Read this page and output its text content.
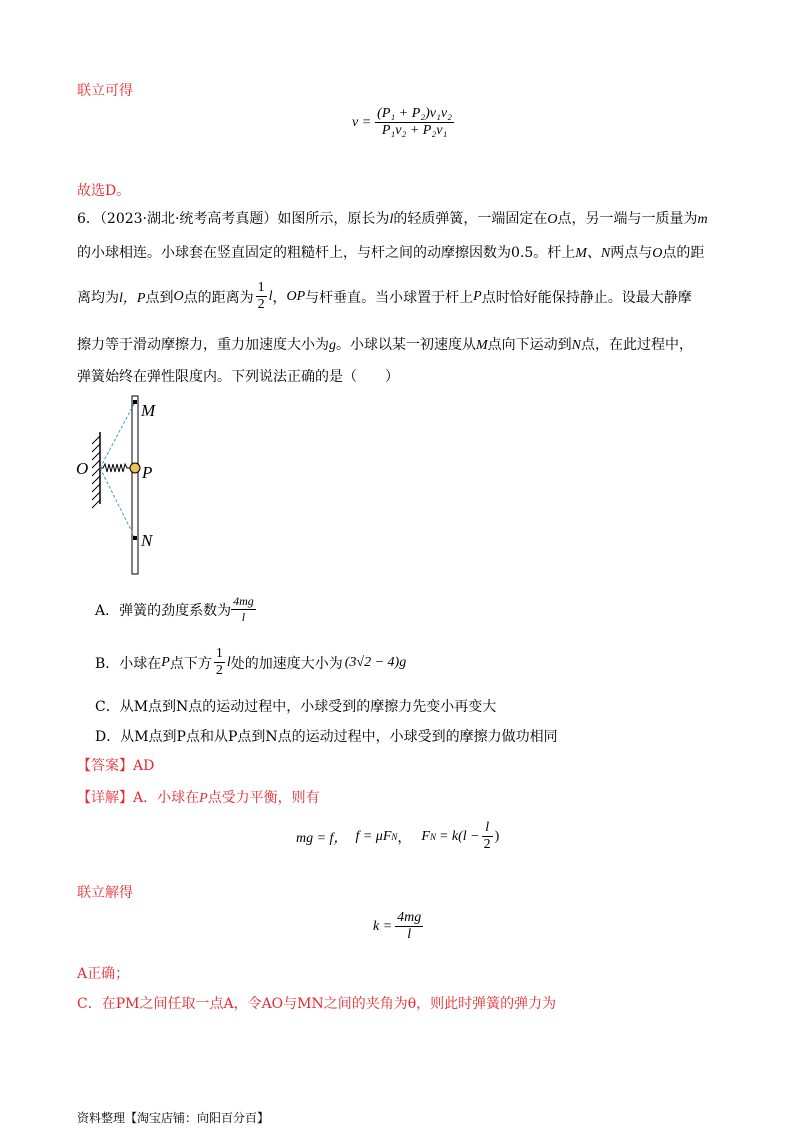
联立可得
$v = \frac{\text{(P₁ + P₂)v₁v₂}}{\text{P₁v₂ + P₂v₁}}$
故选D。
6．（2023·湖北·统考高考真题）如图所示，原长为l的轻质弹簧，一端固定在O点，另一端与一质量为m
的小球相连。小球套在竖直固定的粗糙杆上，与杆之间的动摩擦因数为0.5。杆上M、N两点与O点的距
离均为 l，P 点到 O 点的距离为 $\frac{1}{2}$ l ， OP 与杆垂直。当小球置于杆上 P 点时恰好能保持静止。设最大静摩
擦力等于滑动摩擦力，重力加速度大小为g。小球以某一初速度从M点向下运动到N点，在此过程中，
弹簧始终在弹性限度内。下列说法正确的是（　　）
M
O	P
N
A．弹簧的劲度系数为 $\frac{4mg}{l}$
B．小球在 P 点下方 $\frac{1}{2}$ l 处的加速度大小为 (3√2 − 4)g
C．从M点到N点的运动过程中，小球受到的摩擦力先变小再变大
D．从M点到P点和从P点到N点的运动过程中，小球受到的摩擦力做功相同
【答案】AD
【详解】A．小球在P点受力平衡，则有
mg = f， f = μF N ， F $N = k(l - \frac{l}{2}$ )
联立解得
$k = \frac{4mg}{l}$
A正确；
C．在PM之间任取一点A，令AO与MN之间的夹角为θ，则此时弹簧的弹力为
资料整理【淘宝店铺：向阳百分百】
